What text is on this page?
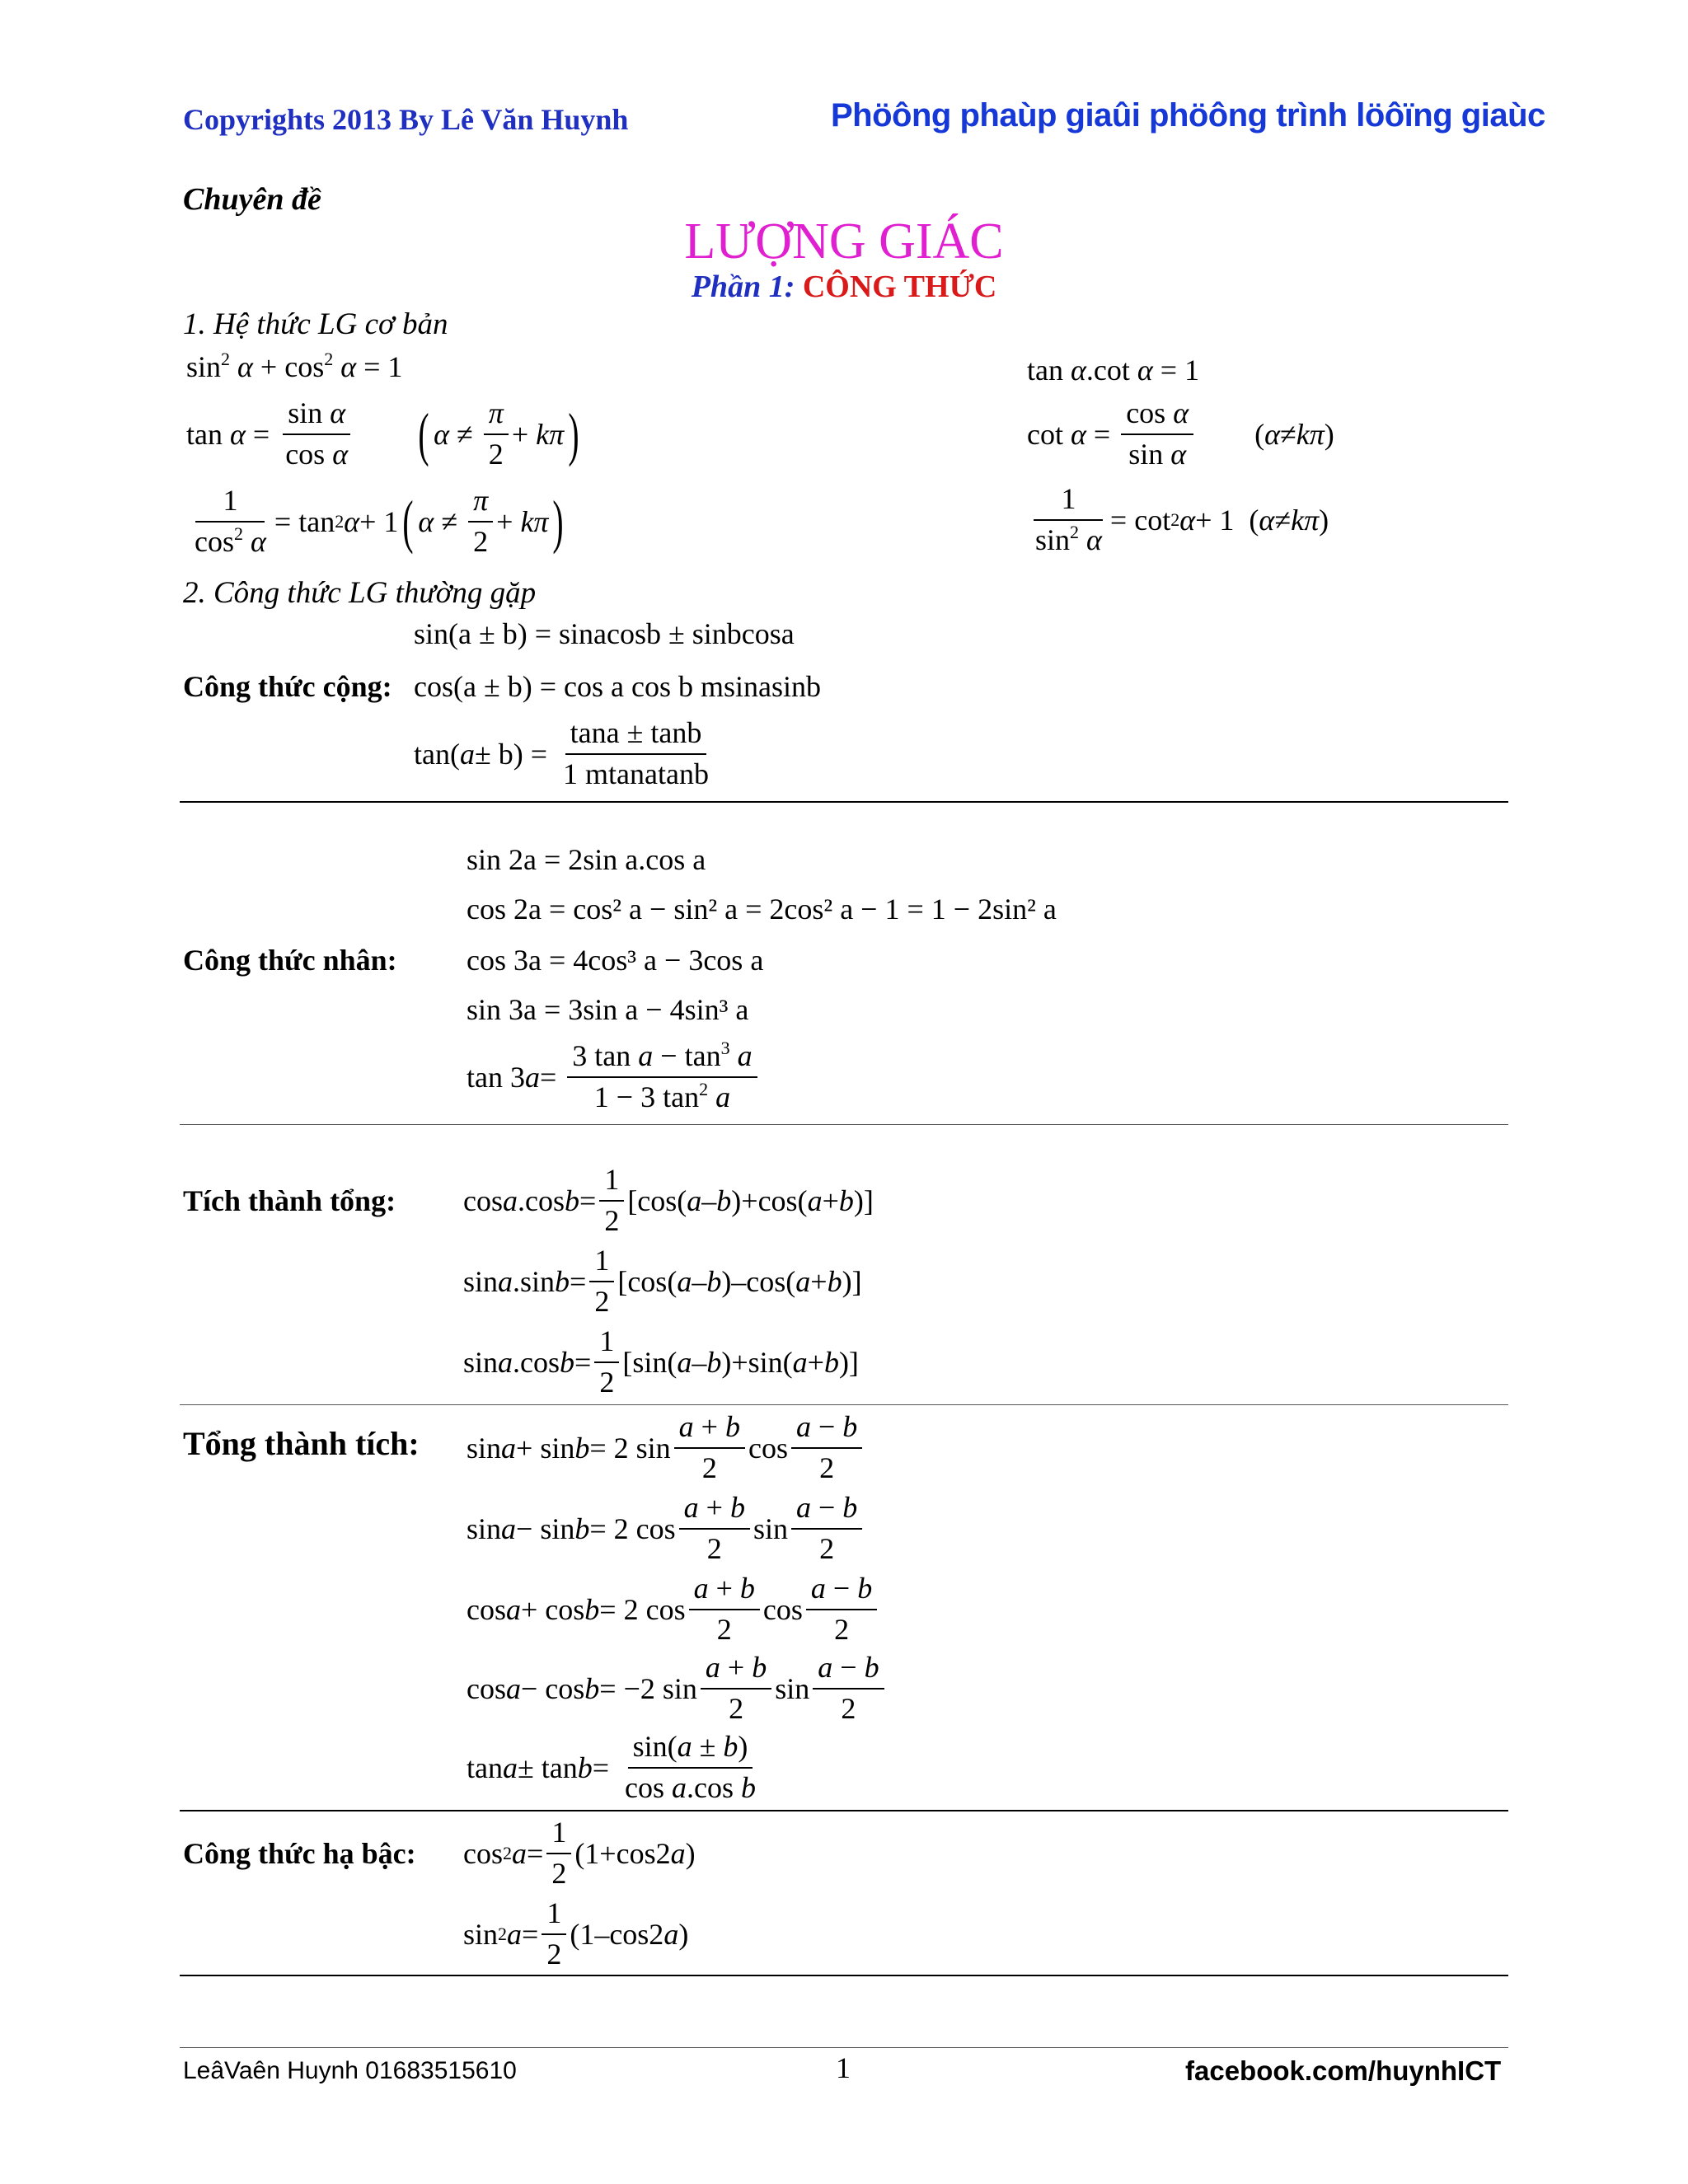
Copyrights 2013 By Lê Văn Huynh	Phöông phaùp giaûi phöông trình löôïng giaùc
Chuyên đề
LƯỢNG GIÁC
Phần 1: CÔNG THỨC
1. Hệ thức LG cơ bản
$\sin^2 \alpha + \cos^2 \alpha = 1$	tan α.cot α = 1
$\tan \alpha = \frac{\text{sin α}}{\text{cos α}}$ ( $\alpha \ne \frac{\pi}{2} + k\pi$ )	$\cot \alpha = \frac{\text{cos α}}{\text{sin α}}$ ( α ≠ kπ )
$\frac{1}{\cos^2 \alpha} = \tan 2$ α + 1 ( $\alpha \ne \frac{\pi}{2} + k\pi$ )	$\frac{1}{\sin^2 \alpha} = \cot 2$ α + 1  ( α ≠ kπ )
2. Công thức LG thường gặp
sin(a ± b) = sinacosb ± sinbcosa
Công thức cộng: cos(a ± b) = cos a cos b msinasinb
tan( $a \pm b) = \frac{\tan a \pm \tan b}{\text{1 mtanatanb}}$
sin 2a = 2sin a.cos a
cos 2a = cos² a − sin² a = 2cos² a − 1 = 1 − 2sin² a
Công thức nhân: cos 3a = 4cos³ a − 3cos a
sin 3a = 3sin a − 4sin³ a
tan 3 $a = \frac{3 \tan a - \tan^3 a}{1 - 3 \tan^2 a}$
Tích thành tổng: cos a .cos $b = \frac{1}{2} [\cos$( a – b )+cos( a + b )]
sin a .sin $b = \frac{1}{2} [\cos$( a – b )–cos( a + b )]
sin a .cos $b = \frac{1}{2} [\sin$( a – b )+sin( a + b )]
Tổng thành tích: sin a + sin b = 2 $\sin \frac{a + b}{2}$ $\cos \frac{a - b}{2}$
sin a − sin b = 2 $\cos \frac{a + b}{2}$ $\sin \frac{a - b}{2}$
cos a + cos b = 2 $\cos \frac{a + b}{2}$ $\cos \frac{a - b}{2}$
cos a − cos b = −2 $\sin \frac{a + b}{2}$ $\sin \frac{a - b}{2}$
$\tan a \pm \tan b = \frac{\sin(a \pm b)}{\text{cos a.cos b}}$
Công thức hạ bậc: cos 2 $a = \frac{1}{2} (1+\cos 2$ a )
sin 2 $a = \frac{1}{2} (1-\cos 2$ a )
LeâVaên Huynh 01683515610	1	facebook.com/huynhICT
